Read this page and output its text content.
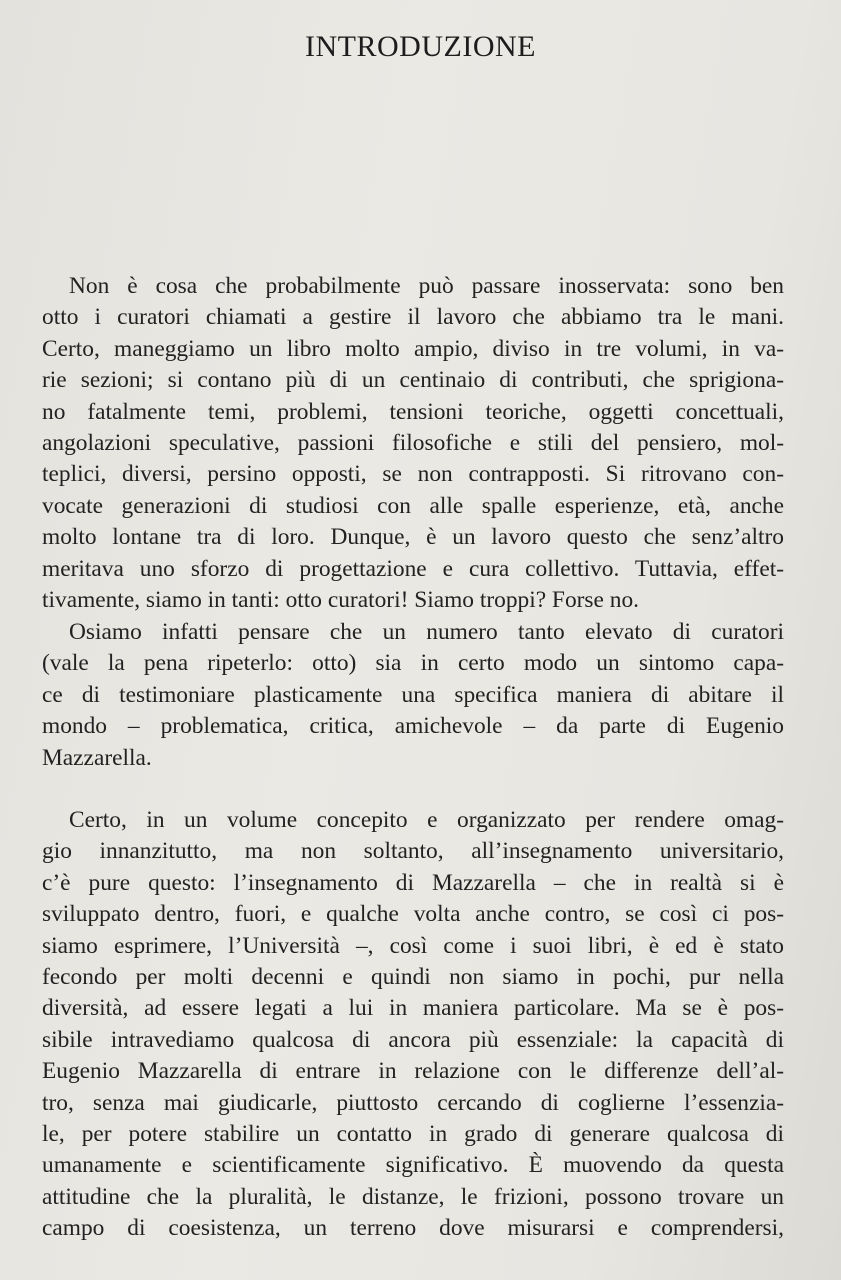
INTRODUZIONE
Non è cosa che probabilmente può passare inosservata: sono ben
otto i curatori chiamati a gestire il lavoro che abbiamo tra le mani.
Certo, maneggiamo un libro molto ampio, diviso in tre volumi, in va-
rie sezioni; si contano più di un centinaio di contributi, che sprigiona-
no fatalmente temi, problemi, tensioni teoriche, oggetti concettuali,
angolazioni speculative, passioni filosofiche e stili del pensiero, mol-
teplici, diversi, persino opposti, se non contrapposti. Si ritrovano con-
vocate generazioni di studiosi con alle spalle esperienze, età, anche
molto lontane tra di loro. Dunque, è un lavoro questo che senz’altro
meritava uno sforzo di progettazione e cura collettivo. Tuttavia, effet-
tivamente, siamo in tanti: otto curatori! Siamo troppi? Forse no.
Osiamo infatti pensare che un numero tanto elevato di curatori
(vale la pena ripeterlo: otto) sia in certo modo un sintomo capa-
ce di testimoniare plasticamente una specifica maniera di abitare il
mondo – problematica, critica, amichevole – da parte di Eugenio
Mazzarella.
Certo, in un volume concepito e organizzato per rendere omag-
gio innanzitutto, ma non soltanto, all’insegnamento universitario,
c’è pure questo: l’insegnamento di Mazzarella – che in realtà si è
sviluppato dentro, fuori, e qualche volta anche contro, se così ci pos-
siamo esprimere, l’Università –, così come i suoi libri, è ed è stato
fecondo per molti decenni e quindi non siamo in pochi, pur nella
diversità, ad essere legati a lui in maniera particolare. Ma se è pos-
sibile intravediamo qualcosa di ancora più essenziale: la capacità di
Eugenio Mazzarella di entrare in relazione con le differenze dell’al-
tro, senza mai giudicarle, piuttosto cercando di coglierne l’essenzia-
le, per potere stabilire un contatto in grado di generare qualcosa di
umanamente e scientificamente significativo. È muovendo da questa
attitudine che la pluralità, le distanze, le frizioni, possono trovare un
campo di coesistenza, un terreno dove misurarsi e comprendersi,
